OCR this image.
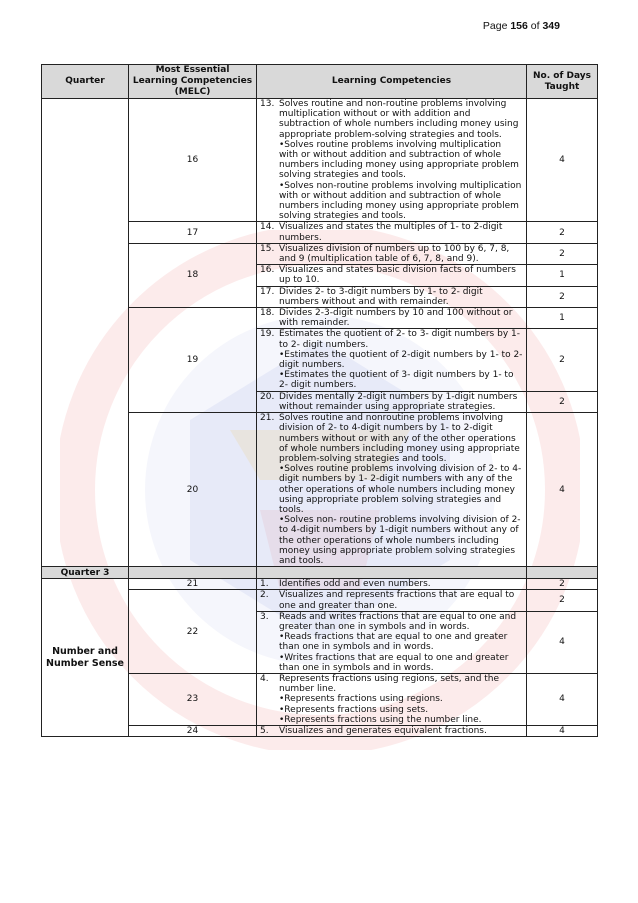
Page 156 of 349
Quarter	Most Essential Learning Competencies (MELC)	Learning Competencies	No. of Days Taught
	16	13. Solves routine and non-routine problems involving multiplication without or with addition and subtraction of whole numbers including money using appropriate problem-solving strategies and tools.
•Solves routine problems involving multiplication with or without addition and subtraction of whole numbers including money using appropriate problem solving strategies and tools.
•Solves non-routine problems involving multiplication with or without addition and subtraction of whole numbers including money using appropriate problem solving strategies and tools.	4
	17	14. Visualizes and states the multiples of 1- to 2-digit numbers.	2
	18	15. Visualizes division of numbers up to 100 by 6, 7, 8, and 9 (multiplication table of 6, 7, 8, and 9).	2

		16. Visualizes and states basic division facts of numbers up to 10.	1

		17. Divides 2- to 3-digit numbers by 1- to 2- digit numbers without and with remainder.	2
	19	18. Divides 2-3-digit numbers by 10 and 100 without or with remainder.	1

		19. Estimates the quotient of 2- to 3- digit numbers by 1- to 2- digit numbers.
•Estimates the quotient of 2-digit numbers by 1- to 2- digit numbers.
•Estimates the quotient of 3- digit numbers by 1- to 2- digit numbers.	2

		20. Divides mentally 2-digit numbers by 1-digit numbers without remainder using appropriate strategies.	2
	20	21. Solves routine and nonroutine problems involving division of 2- to 4-digit numbers by 1- to 2-digit numbers without or with any of the other operations of whole numbers including money using appropriate problem-solving strategies and tools.
•Solves routine problems involving division of 2- to 4-digit numbers by 1- 2-digit numbers with any of the other operations of whole numbers including money using appropriate problem solving strategies and tools.
•Solves non- routine problems involving division of 2- to 4-digit numbers by 1-digit numbers without any of the other operations of whole numbers including money using appropriate problem solving strategies and tools.	4
Quarter 3			
Number and Number Sense	21	1. Identifies odd and even numbers.	2
	22	2. Visualizes and represents fractions that are equal to one and greater than one.	2

		3. Reads and writes fractions that are equal to one and greater than one in symbols and in words.
•Reads fractions that are equal to one and greater than one in symbols and in words.
•Writes fractions that are equal to one and greater than one in symbols and in words.	4
	23	4. Represents fractions using regions, sets, and the number line.
•Represents fractions using regions.
•Represents fractions using sets.
•Represents fractions using the number line.	4
	24	5. Visualizes and generates equivalent fractions.	4
